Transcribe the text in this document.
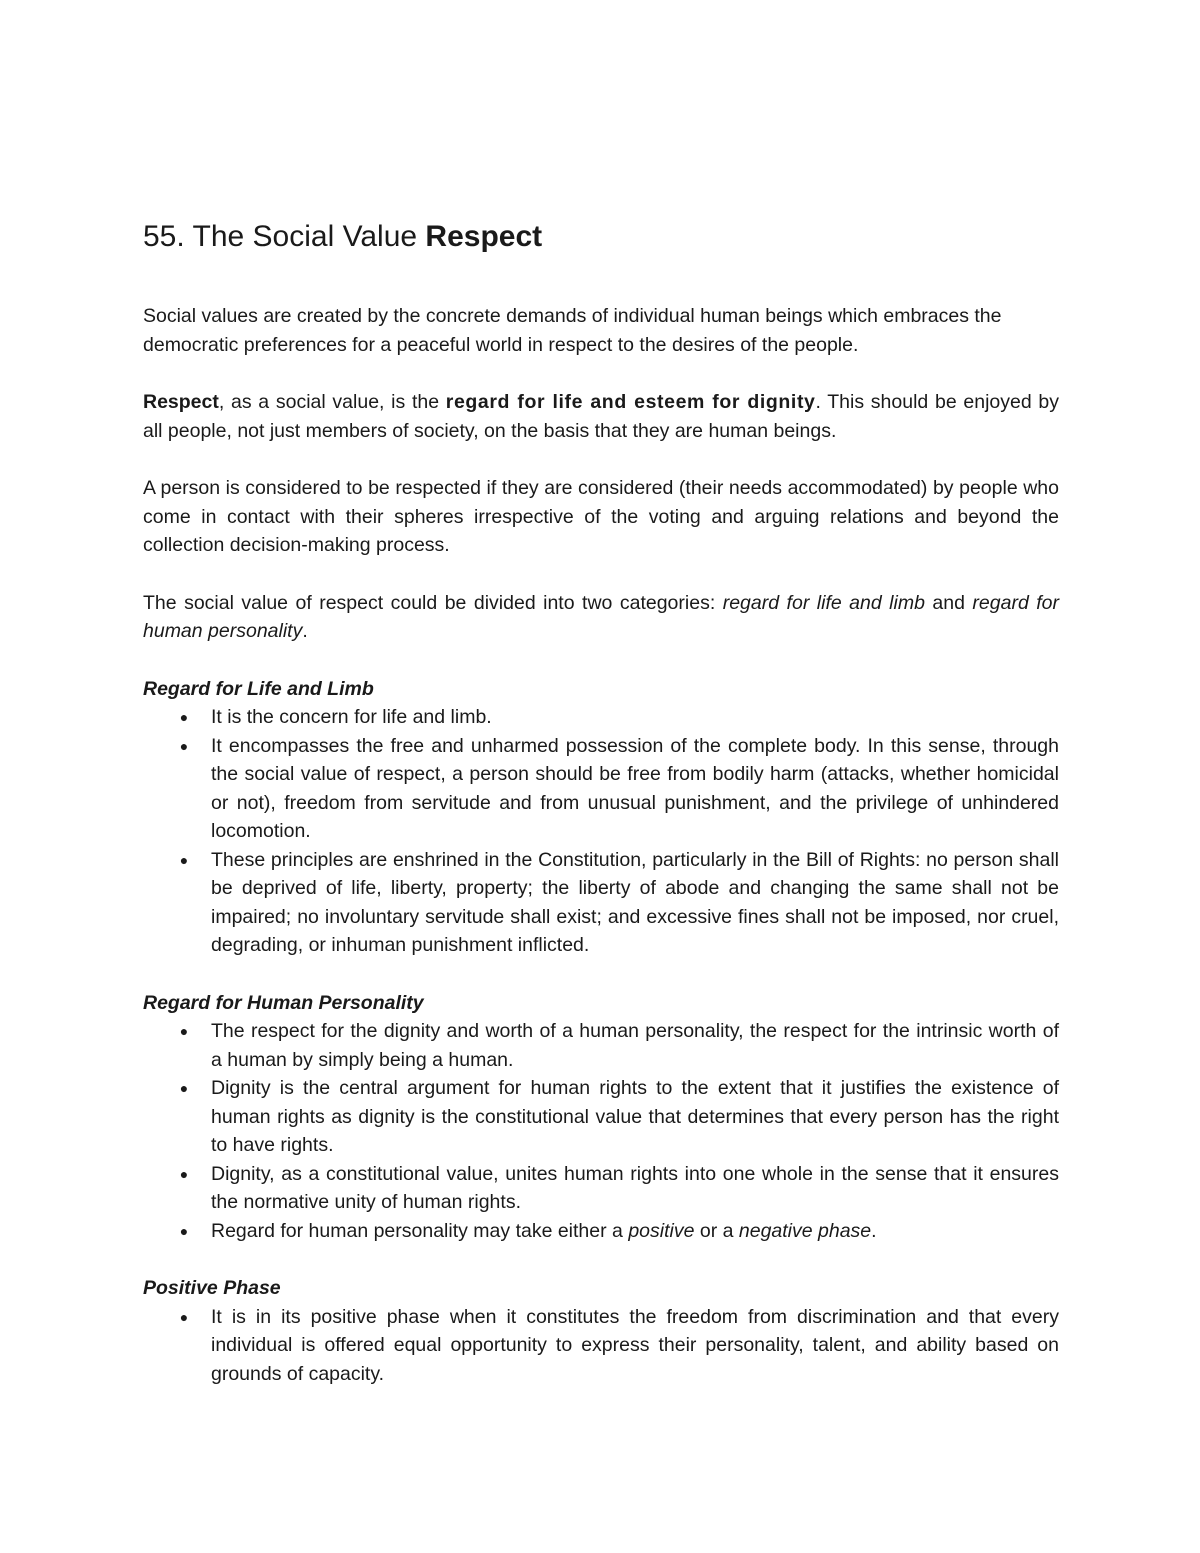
55. The Social Value Respect

Social values are created by the concrete demands of individual human beings which embraces the democratic preferences for a peaceful world in respect to the desires of the people.

Respect, as a social value, is the regard for life and esteem for dignity. This should be enjoyed by all people, not just members of society, on the basis that they are human beings.

A person is considered to be respected if they are considered (their needs accommodated) by people who come in contact with their spheres irrespective of the voting and arguing relations and beyond the collection decision-making process.

The social value of respect could be divided into two categories: regard for life and limb and regard for human personality.

Regard for Life and Limb
● It is the concern for life and limb.
● It encompasses the free and unharmed possession of the complete body. In this sense, through the social value of respect, a person should be free from bodily harm (attacks, whether homicidal or not), freedom from servitude and from unusual punishment, and the privilege of unhindered locomotion.
● These principles are enshrined in the Constitution, particularly in the Bill of Rights: no person shall be deprived of life, liberty, property; the liberty of abode and changing the same shall not be impaired; no involuntary servitude shall exist; and excessive fines shall not be imposed, nor cruel, degrading, or inhuman punishment inflicted.
Regard for Human Personality
● The respect for the dignity and worth of a human personality, the respect for the intrinsic worth of a human by simply being a human.
● Dignity is the central argument for human rights to the extent that it justifies the existence of human rights as dignity is the constitutional value that determines that every person has the right to have rights.
● Dignity, as a constitutional value, unites human rights into one whole in the sense that it ensures the normative unity of human rights.
● Regard for human personality may take either a positive or a negative phase.
Positive Phase
● It is in its positive phase when it constitutes the freedom from discrimination and that every individual is offered equal opportunity to express their personality, talent, and ability based on grounds of capacity.
